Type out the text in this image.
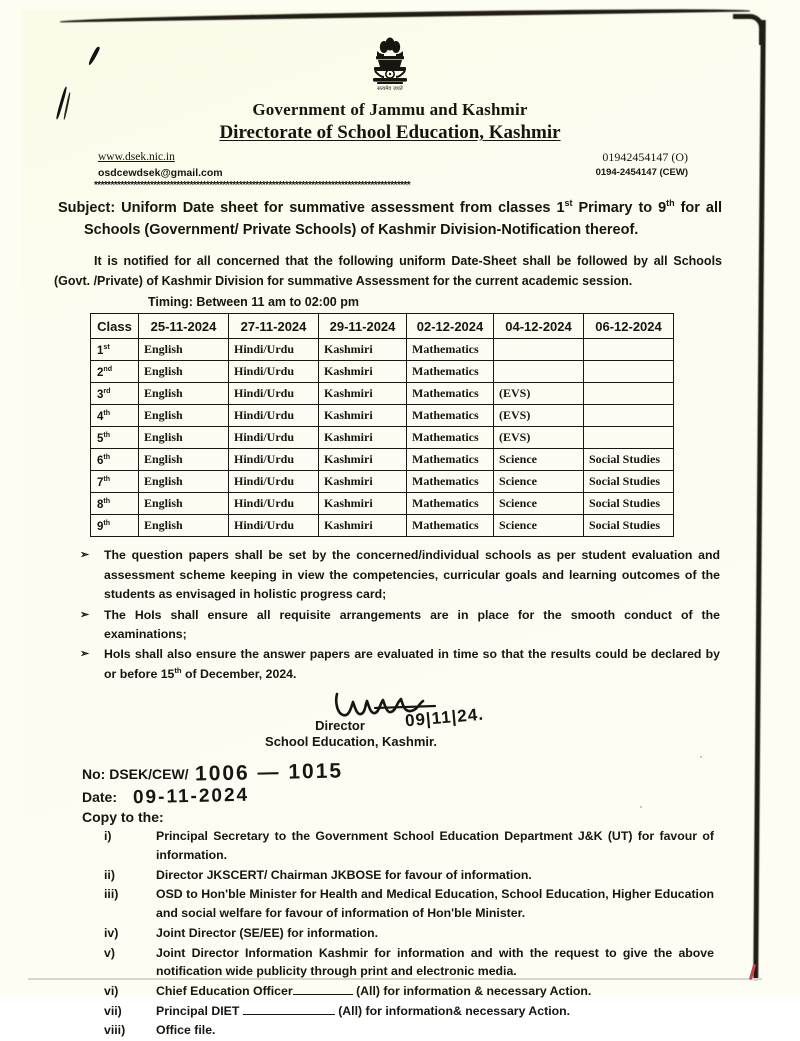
सत्यमेव जयते
Government of Jammu and Kashmir
Directorate of School Education, Kashmir
www.dsek.nic.in
osdcewdsek@gmail.com
01942454147 (O)
0194-2454147 (CEW)
************************************************************************************************
Subject: Uniform Date sheet for summative assessment from classes 1st Primary to 9th for all Schools (Government/ Private Schools) of Kashmir Division-Notification thereof.
It is notified for all concerned that the following uniform Date-Sheet shall be followed by all Schools (Govt. /Private) of Kashmir Division for summative Assessment for the current academic session.
Timing: Between 11 am to 02:00 pm
Class	25-11-2024	27-11-2024	29-11-2024	02-12-2024	04-12-2024	06-12-2024
1st	English	Hindi/Urdu	Kashmiri	Mathematics		
2nd	English	Hindi/Urdu	Kashmiri	Mathematics		
3rd	English	Hindi/Urdu	Kashmiri	Mathematics	(EVS)	
4th	English	Hindi/Urdu	Kashmiri	Mathematics	(EVS)	
5th	English	Hindi/Urdu	Kashmiri	Mathematics	(EVS)	
6th	English	Hindi/Urdu	Kashmiri	Mathematics	Science	Social Studies
7th	English	Hindi/Urdu	Kashmiri	Mathematics	Science	Social Studies
8th	English	Hindi/Urdu	Kashmiri	Mathematics	Science	Social Studies
9th	English	Hindi/Urdu	Kashmiri	Mathematics	Science	Social Studies
➢	The question papers shall be set by the concerned/individual schools as per student evaluation and assessment scheme keeping in view the competencies, curricular goals and learning outcomes of the students as envisaged in holistic progress card;
➢	The HoIs shall ensure all requisite arrangements are in place for the smooth conduct of the examinations;
➢	HoIs shall also ensure the answer papers are evaluated in time so that the results could be declared by or before 15th of December, 2024.
09|11|24.
Director
School Education, Kashmir.
No: DSEK/CEW/ 1006 — 1015
Date: 09-11-2024
Copy to the:
i)	Principal Secretary to the Government School Education Department J&K (UT) for favour of information.
ii)	Director JKSCERT/ Chairman JKBOSE for favour of information.
iii)	OSD to Hon'ble Minister for Health and Medical Education, School Education, Higher Education and social welfare for favour of information of Hon'ble Minister.
iv)	Joint Director (SE/EE) for information.
v)	Joint Director Information Kashmir for information and with the request to give the above notification wide publicity through print and electronic media.
vi)	Chief Education Officer	(All) for information & necessary Action.
vii)	Principal DIET	(All) for information& necessary Action.
viii)	Office file.
